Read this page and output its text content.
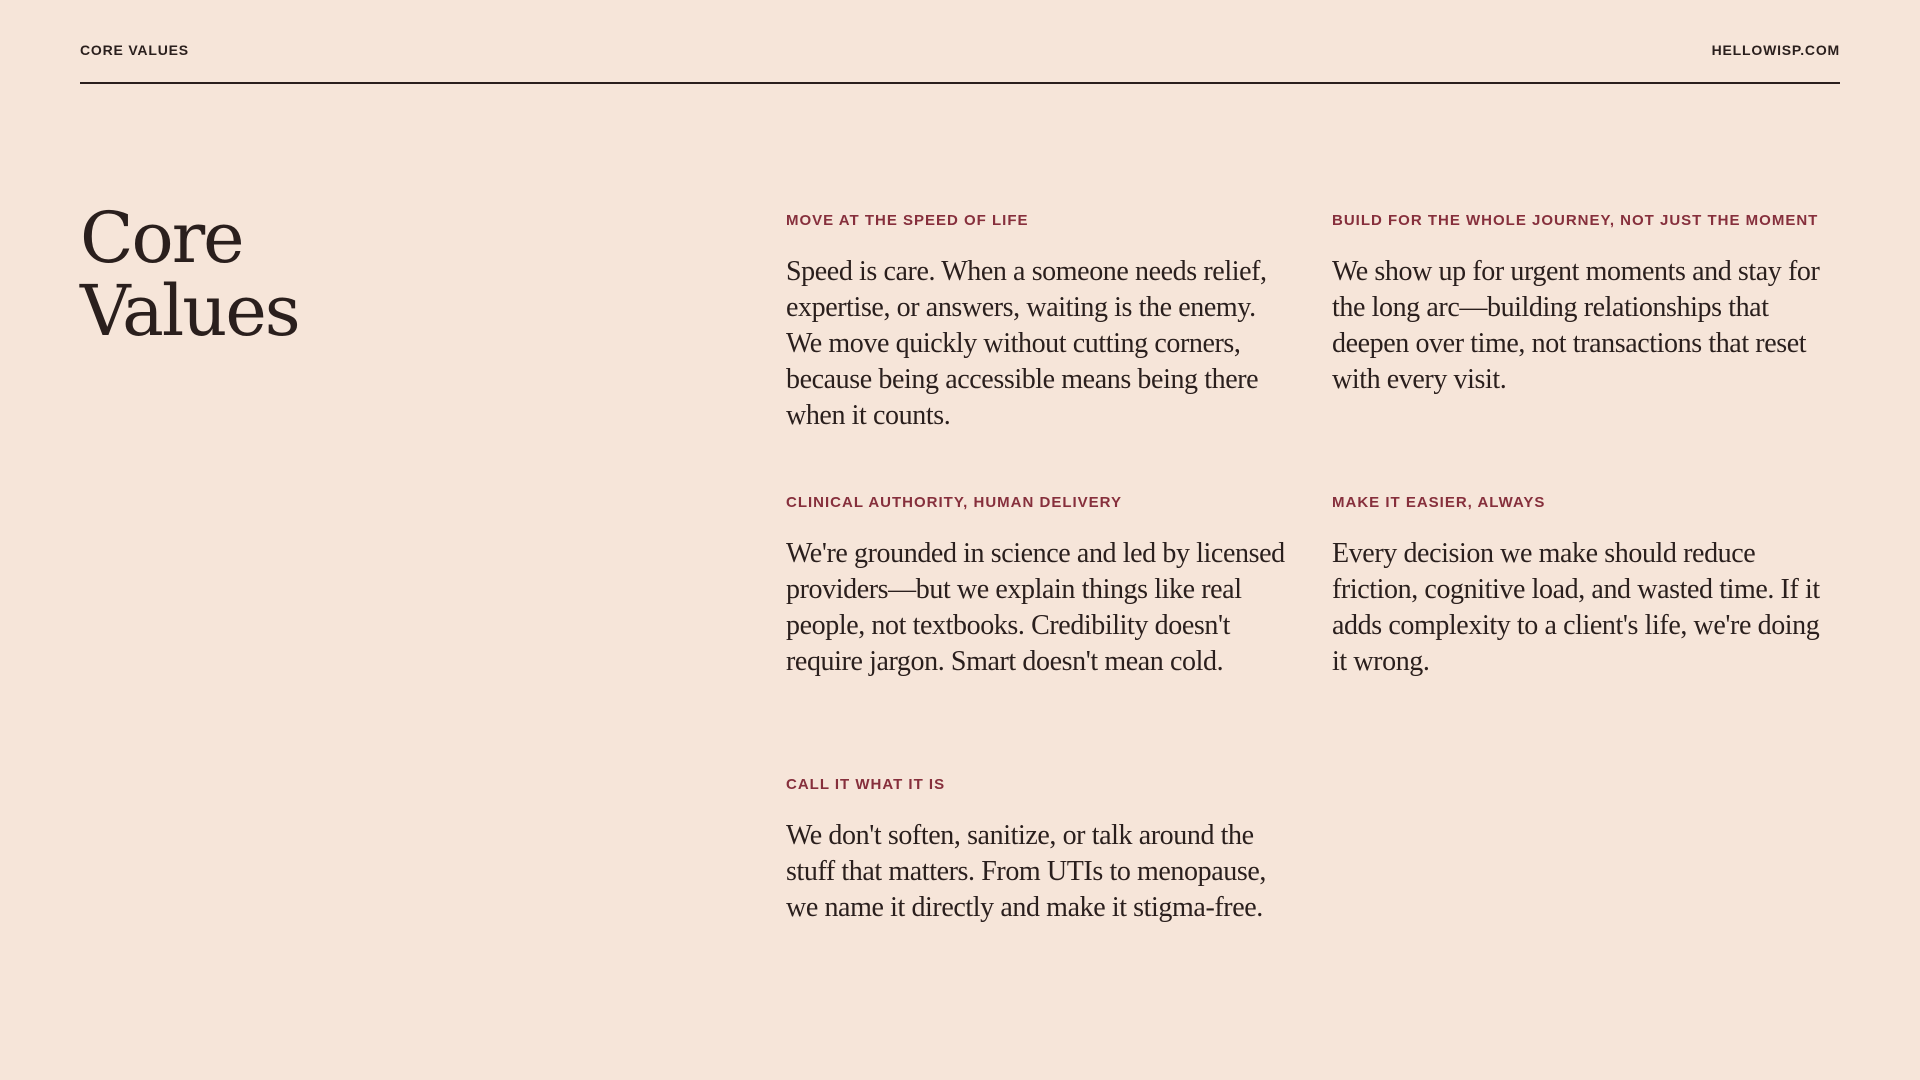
CORE VALUES	HELLOWISP.COM
Core
Values
MOVE AT THE SPEED OF LIFE

Speed is care. When a someone needs relief, expertise, or answers, waiting is the enemy. We move quickly without cutting corners, because being accessible means being there when it counts.

BUILD FOR THE WHOLE JOURNEY, NOT JUST THE MOMENT

We show up for urgent moments and stay for the long arc—building relationships that deepen over time, not transactions that reset with every visit.

CLINICAL AUTHORITY, HUMAN DELIVERY

We're grounded in science and led by licensed providers—but we explain things like real people, not textbooks. Credibility doesn't require jargon. Smart doesn't mean cold.

MAKE IT EASIER, ALWAYS

Every decision we make should reduce friction, cognitive load, and wasted time. If it adds complexity to a client's life, we're doing it wrong.

CALL IT WHAT IT IS

We don't soften, sanitize, or talk around the stuff that matters. From UTIs to menopause, we name it directly and make it stigma-free.
